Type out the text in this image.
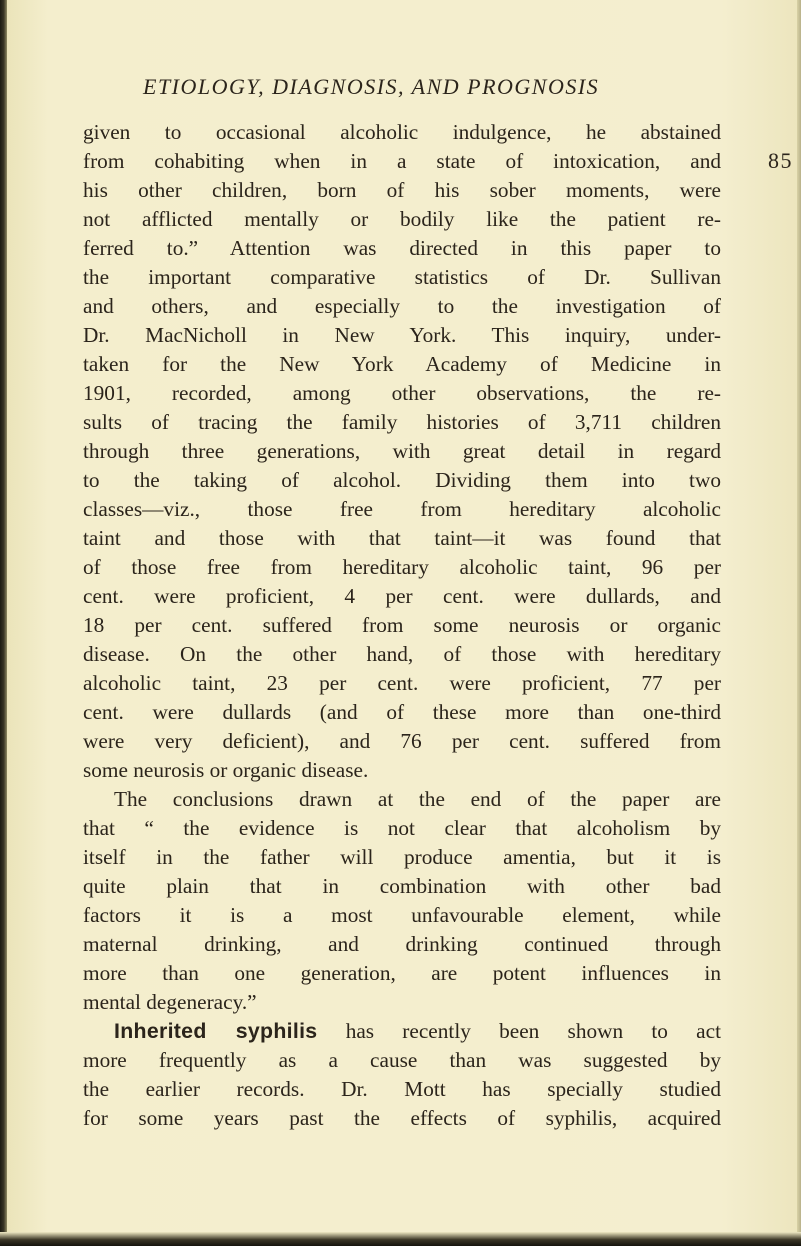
ETIOLOGY, DIAGNOSIS, AND PROGNOSIS
85
given to occasional alcoholic indulgence, he abstained
from cohabiting when in a state of intoxication, and
his other children, born of his sober moments, were
not afflicted mentally or bodily like the patient re-
ferred to.” Attention was directed in this paper to
the important comparative statistics of Dr. Sullivan
and others, and especially to the investigation of
Dr. MacNicholl in New York. This inquiry, under-
taken for the New York Academy of Medicine in
1901, recorded, among other observations, the re-
sults of tracing the family histories of 3,711 children
through three generations, with great detail in regard
to the taking of alcohol. Dividing them into two
classes—viz., those free from hereditary alcoholic
taint and those with that taint—it was found that
of those free from hereditary alcoholic taint, 96 per
cent. were proficient, 4 per cent. were dullards, and
18 per cent. suffered from some neurosis or organic
disease. On the other hand, of those with hereditary
alcoholic taint, 23 per cent. were proficient, 77 per
cent. were dullards (and of these more than one-third
were very deficient), and 76 per cent. suffered from
some neurosis or organic disease.
The conclusions drawn at the end of the paper are
that “ the evidence is not clear that alcoholism by
itself in the father will produce amentia, but it is
quite plain that in combination with other bad
factors it is a most unfavourable element, while
maternal drinking, and drinking continued through
more than one generation, are potent influences in
mental degeneracy.”
Inherited syphilis has recently been shown to act
more frequently as a cause than was suggested by
the earlier records. Dr. Mott has specially studied
for some years past the effects of syphilis, acquired
